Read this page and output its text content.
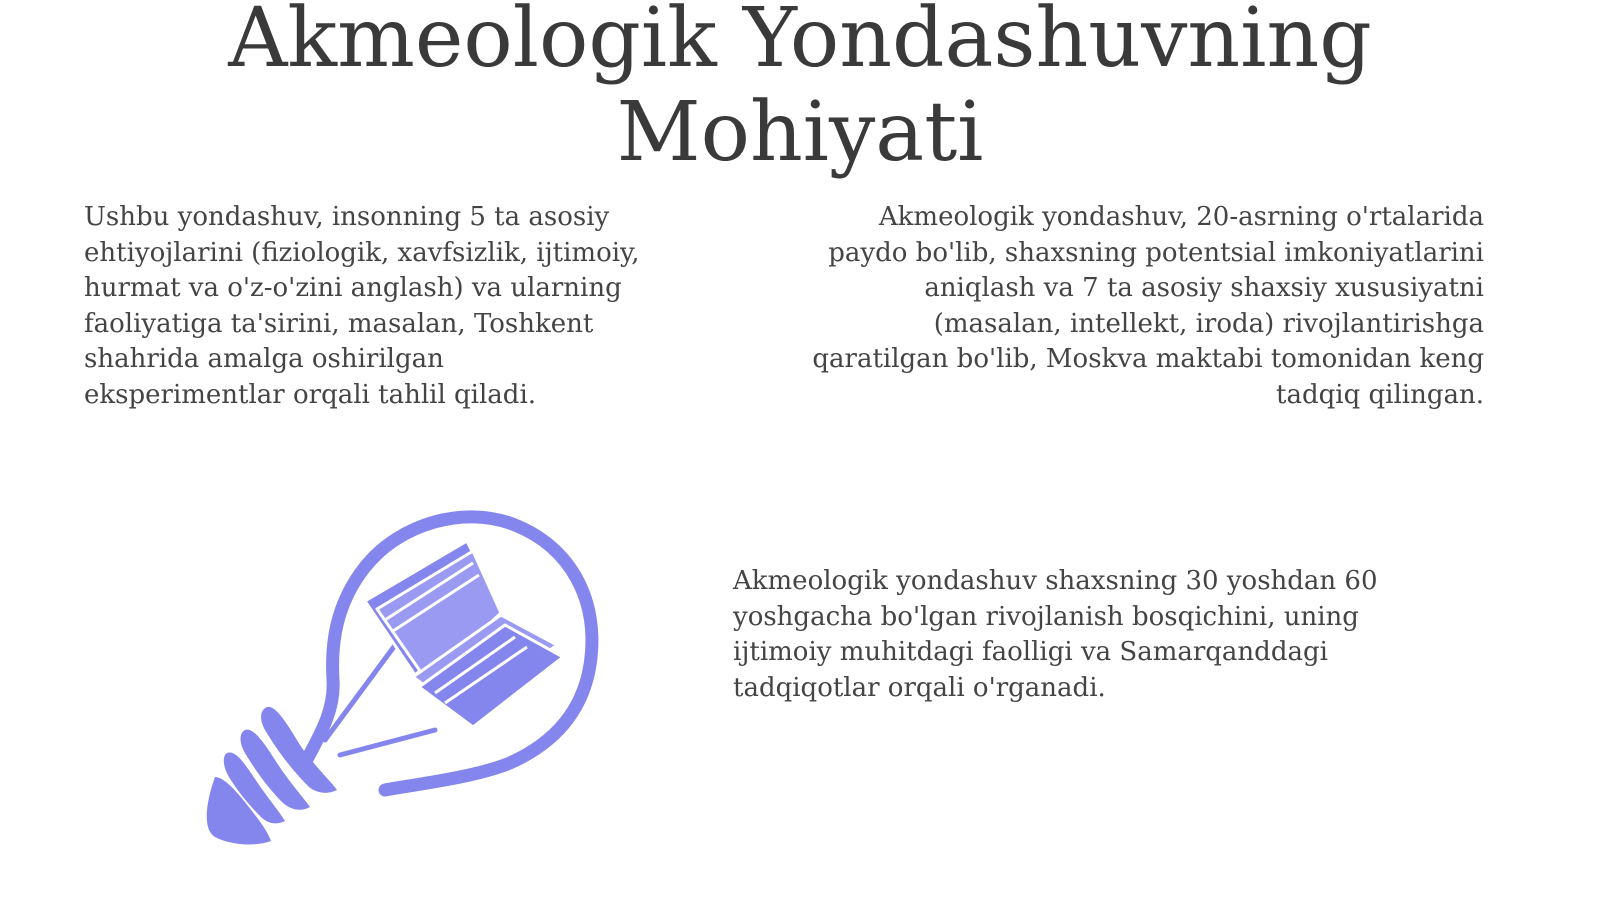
Akmeologik Yondashuvning
Mohiyati
Ushbu yondashuv, insonning 5 ta asosiy
ehtiyojlarini (fiziologik, xavfsizlik, ijtimoiy,
hurmat va o'z-o'zini anglash) va ularning
faoliyatiga ta'sirini, masalan, Toshkent
shahrida amalga oshirilgan
eksperimentlar orqali tahlil qiladi.
Akmeologik yondashuv, 20-asrning o'rtalarida
paydo bo'lib, shaxsning potentsial imkoniyatlarini
aniqlash va 7 ta asosiy shaxsiy xususiyatni
(masalan, intellekt, iroda) rivojlantirishga
qaratilgan bo'lib, Moskva maktabi tomonidan keng
tadqiq qilingan.
Akmeologik yondashuv shaxsning 30 yoshdan 60
yoshgacha bo'lgan rivojlanish bosqichini, uning
ijtimoiy muhitdagi faolligi va Samarqanddagi
tadqiqotlar orqali o'rganadi.
